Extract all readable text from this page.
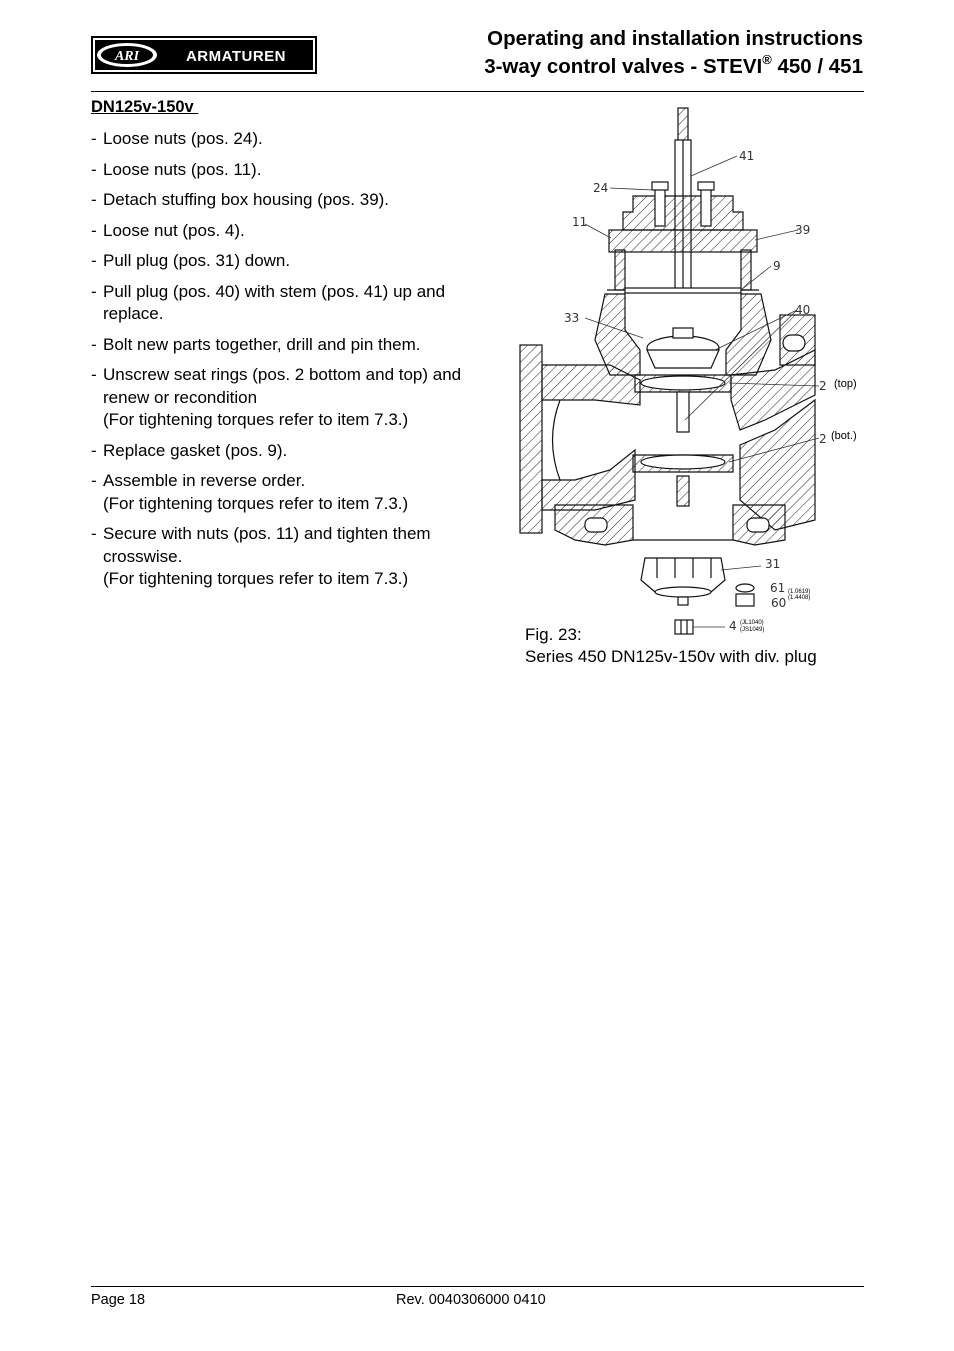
ARI	ARMATUREN
Operating and installation instructions
3-way control valves - STEVI® 450 / 451
DN125v-150v
- Loose nuts (pos. 24).
- Loose nuts (pos. 11).
- Detach stuffing box housing (pos. 39).
- Loose nut (pos. 4).
- Pull plug (pos. 31) down.
- Pull plug (pos. 40) with stem (pos. 41) up and
replace.
- Bolt new parts together, drill and pin them.
- Unscrew seat rings (pos. 2 bottom and top) and
renew or recondition
(For tightening torques refer to item 7.3.)
- Replace gasket (pos. 9).
- Assemble in reverse order.
(For tightening torques refer to item 7.3.)
- Secure with nuts (pos. 11) and tighten them
crosswise.
(For tightening torques refer to item 7.3.)
41
24
11
39
9
33
40
2 (top)
2 (bot.)
31
61 (1.0619)
(1.4408)
60
4 (JL1040)
(JS1049)
Fig. 23:
Series 450 DN125v-150v with div. plug
Page 18	Rev. 0040306000 0410
